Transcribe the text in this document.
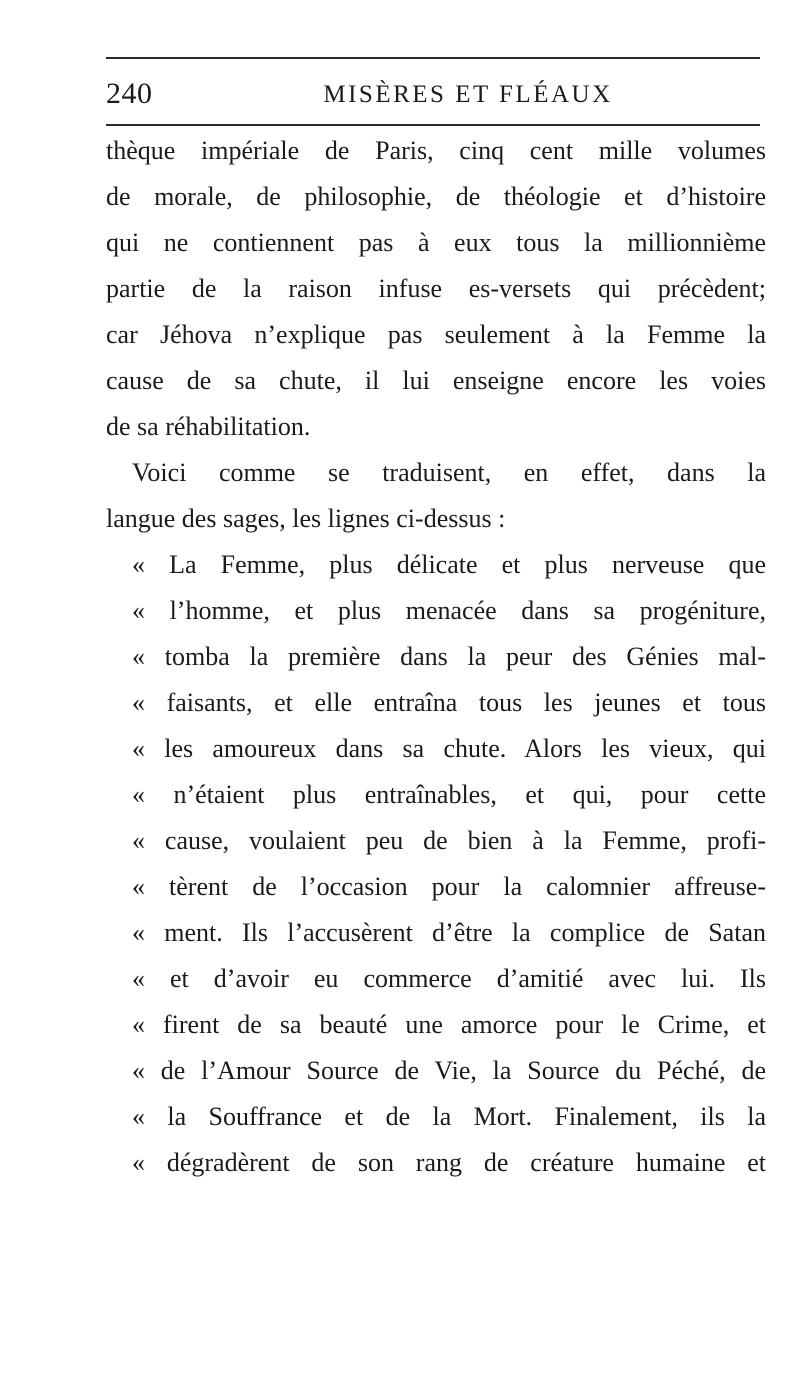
240	MISÈRES ET FLÉAUX
thèque impériale de Paris, cinq cent mille volumes
de morale, de philosophie, de théologie et d’histoire
qui ne contiennent pas à eux tous la millionnième
partie de la raison infuse es-versets qui précèdent;
car Jéhova n’explique pas seulement à la Femme la
cause de sa chute, il lui enseigne encore les voies
de sa réhabilitation.
Voici comme se traduisent, en effet, dans la
langue des sages, les lignes ci-dessus :
« La Femme, plus délicate et plus nerveuse que
« l’homme, et plus menacée dans sa progéniture,
« tomba la première dans la peur des Génies mal-
« faisants, et elle entraîna tous les jeunes et tous
« les amoureux dans sa chute. Alors les vieux, qui
« n’étaient plus entraînables, et qui, pour cette
« cause, voulaient peu de bien à la Femme, profi-
« tèrent de l’occasion pour la calomnier affreuse-
« ment. Ils l’accusèrent d’être la complice de Satan
« et d’avoir eu commerce d’amitié avec lui. Ils
« firent de sa beauté une amorce pour le Crime, et
« de l’Amour Source de Vie, la Source du Péché, de
« la Souffrance et de la Mort. Finalement, ils la
« dégradèrent de son rang de créature humaine et
